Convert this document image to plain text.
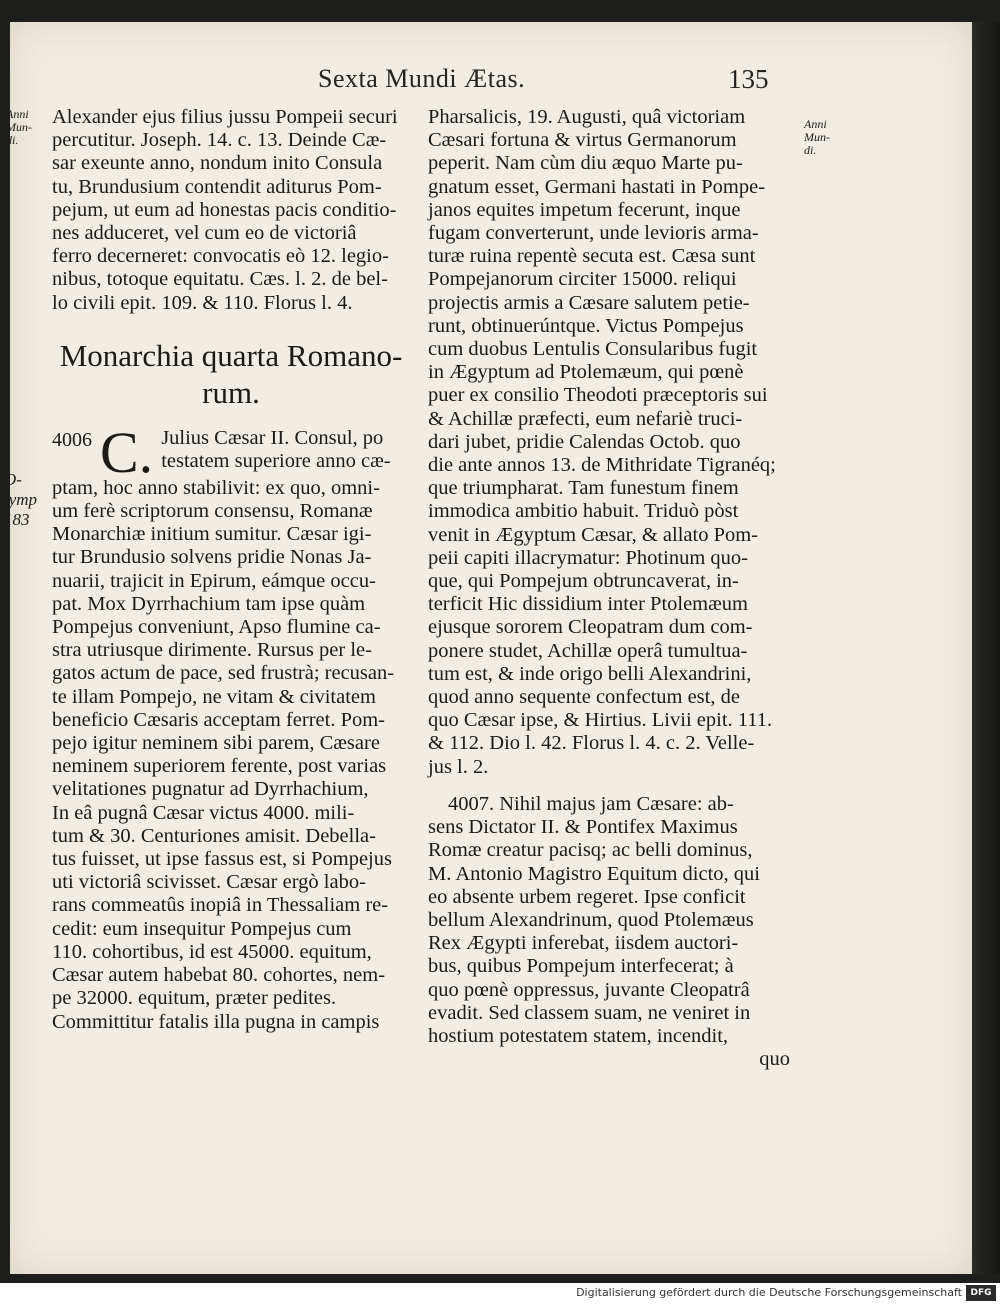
Sexta Mundi Ætas.	135
Anni
Mun-
di.
Anni
Mun-
di.
O-
lymp
183

Alexander ejus filius jussu Pompeii securi

percutitur. Joseph. 14. c. 13. Deinde Cæ-

sar exeunte anno, nondum inito Consula

tu, Brundusium contendit aditurus Pom-

pejum, ut eum ad honestas pacis conditio-

nes adduceret, vel cum eo de victoriâ

ferro decerneret: convocatis eò 12. legio-

nibus, totoque equitatu. Cæs. l. 2. de bel-

lo civili epit. 109. & 110. Florus l. 4.

Monarchia quarta Romano-
rum.

4006 C. Julius Cæsar II. Consul, po

testatem superiore anno cæ-

ptam, hoc anno stabilivit: ex quo, omni-

um ferè scriptorum consensu, Romanæ

Monarchiæ initium sumitur. Cæsar igi-

tur Brundusio solvens pridie Nonas Ja-

nuarii, trajicit in Epirum, eámque occu-

pat. Mox Dyrrhachium tam ipse quàm

Pompejus conveniunt, Apso flumine ca-

stra utriusque dirimente. Rursus per le-

gatos actum de pace, sed frustrà; recusan-

te illam Pompejo, ne vitam & civitatem

beneficio Cæsaris acceptam ferret. Pom-

pejo igitur neminem sibi parem, Cæsare

neminem superiorem ferente, post varias

velitationes pugnatur ad Dyrrhachium,

In eâ pugnâ Cæsar victus 4000. mili-

tum & 30. Centuriones amisit. Debella-

tus fuisset, ut ipse fassus est, si Pompejus

uti victoriâ scivisset. Cæsar ergò labo-

rans commeatûs inopiâ in Thessaliam re-

cedit: eum insequitur Pompejus cum

110. cohortibus, id est 45000. equitum,

Cæsar autem habebat 80. cohortes, nem-

pe 32000. equitum, præter pedites.

Committitur fatalis illa pugna in campis

Pharsalicis, 19. Augusti, quâ victoriam

Cæsari fortuna & virtus Germanorum

peperit. Nam cùm diu æquo Marte pu-

gnatum esset, Germani hastati in Pompe-

janos equites impetum fecerunt, inque

fugam converterunt, unde levioris arma-

turæ ruina repentè secuta est. Cæsa sunt

Pompejanorum circiter 15000. reliqui

projectis armis a Cæsare salutem petie-

runt, obtinuerúntque. Victus Pompejus

cum duobus Lentulis Consularibus fugit

in Ægyptum ad Ptolemæum, qui pœnè

puer ex consilio Theodoti præceptoris sui

& Achillæ præfecti, eum nefariè truci-

dari jubet, pridie Calendas Octob. quo

die ante annos 13. de Mithridate Tigranéq;

que triumpharat. Tam funestum finem

immodica ambitio habuit. Triduò pòst

venit in Ægyptum Cæsar, & allato Pom-

peii capiti illacrymatur: Photinum quo-

que, qui Pompejum obtruncaverat, in-

terficit Hic dissidium inter Ptolemæum

ejusque sororem Cleopatram dum com-

ponere studet, Achillæ operâ tumultua-

tum est, & inde origo belli Alexandrini,

quod anno sequente confectum est, de

quo Cæsar ipse, & Hirtius. Livii epit. 111.

& 112. Dio l. 42. Florus l. 4. c. 2. Velle-

jus l. 2.

4007. Nihil majus jam Cæsare: ab-

sens Dictator II. & Pontifex Maximus

Romæ creatur pacisq; ac belli dominus,

M. Antonio Magistro Equitum dicto, qui

eo absente urbem regeret. Ipse conficit

bellum Alexandrinum, quod Ptolemæus

Rex Ægypti inferebat, iisdem auctori-

bus, quibus Pompejum interfecerat; à

quo pœnè oppressus, juvante Cleopatrâ

evadit. Sed classem suam, ne veniret in

hostium potestatem statem, incendit,

quo

Digitalisierung gefördert durch die Deutsche Forschungsgemeinschaft DFG
